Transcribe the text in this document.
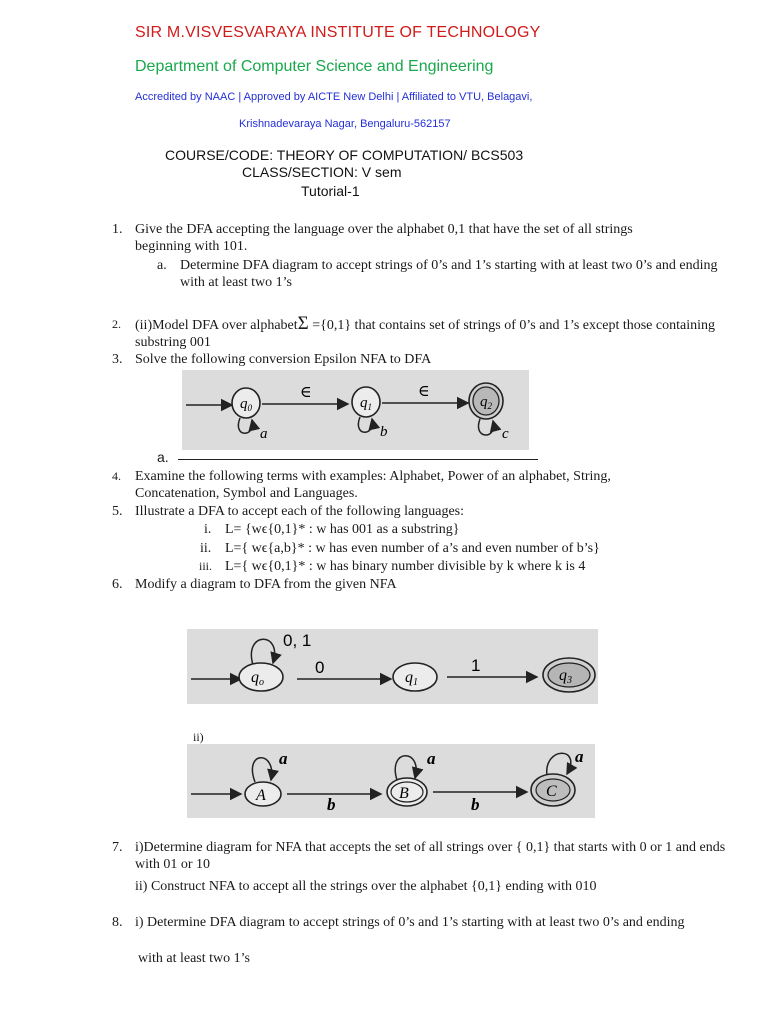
SIR M.VISVESVARAYA INSTITUTE OF TECHNOLOGY
Department of Computer Science and Engineering
Accredited by NAAC | Approved by AICTE New Delhi | Affiliated to VTU, Belagavi,
Krishnadevaraya Nagar, Bengaluru-562157
COURSE/CODE: THEORY OF COMPUTATION/ BCS503
CLASS/SECTION: V sem
Tutorial-1
1. Give the DFA accepting the language over the alphabet 0,1 that have the set of all strings beginning with 101.
a. Determine DFA diagram to accept strings of 0’s and 1’s starting with at least two 0’s and ending with at least two 1’s
2. (ii)Model DFA over alphabetΣ ={0,1} that contains set of strings of 0’s and 1’s except those containing substring 001
3. Solve the following conversion Epsilon NFA to DFA
$q_0$
a
∈
$q_1$
b
∈
$q_2$
c
a.
4. Examine the following terms with examples: Alphabet, Power of an alphabet, String, Concatenation, Symbol and Languages.
5. Illustrate a DFA to accept each of the following languages:
i. L= {wϵ{0,1}* : w has 001 as a substring}
ii. L={ wϵ{a,b}* : w has even number of a’s and even number of b’s}
iii. L={ wϵ{0,1}* : w has binary number divisible by k where k is 4
6. Modify a diagram to DFA from the given NFA
0, 1
qo
0
q1
1
q3
ii)
a
A	b
a
B
b
a
C
7. i)Determine diagram for NFA that accepts the set of all strings over { 0,1} that starts with 0 or 1 and ends with 01 or 10
ii) Construct NFA to accept all the strings over the alphabet {0,1} ending with 010
8. i) Determine DFA diagram to accept strings of 0’s and 1’s starting with at least two 0’s and ending
with at least two 1’s
